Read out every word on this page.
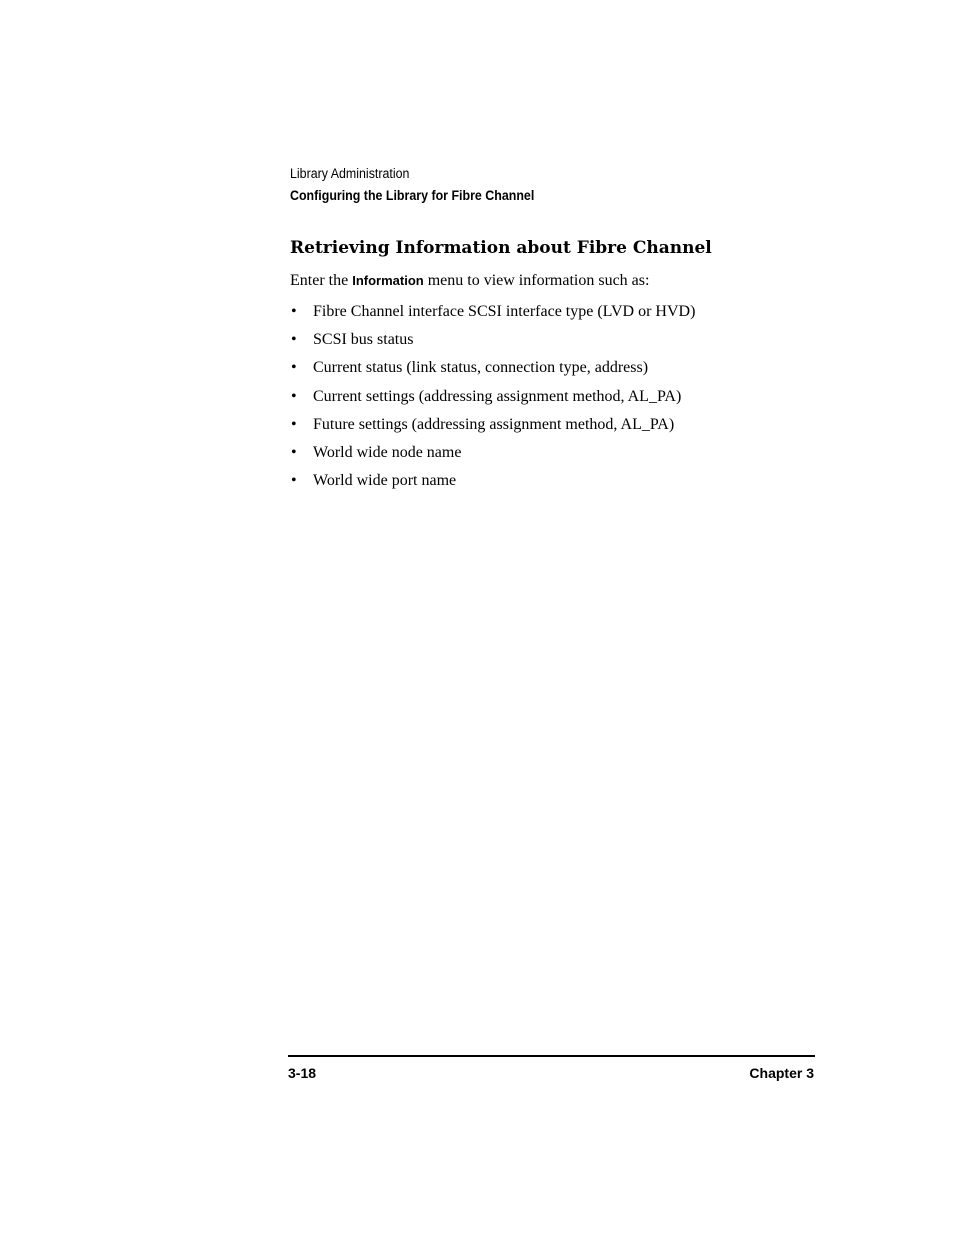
Library Administration
Configuring the Library for Fibre Channel
Retrieving Information about Fibre Channel

Enter the Information menu to view information such as:

• Fibre Channel interface SCSI interface type (LVD or HVD)
• SCSI bus status
• Current status (link status, connection type, address)
• Current settings (addressing assignment method, AL_PA)
• Future settings (addressing assignment method, AL_PA)
• World wide node name
• World wide port name
3-18	Chapter 3
